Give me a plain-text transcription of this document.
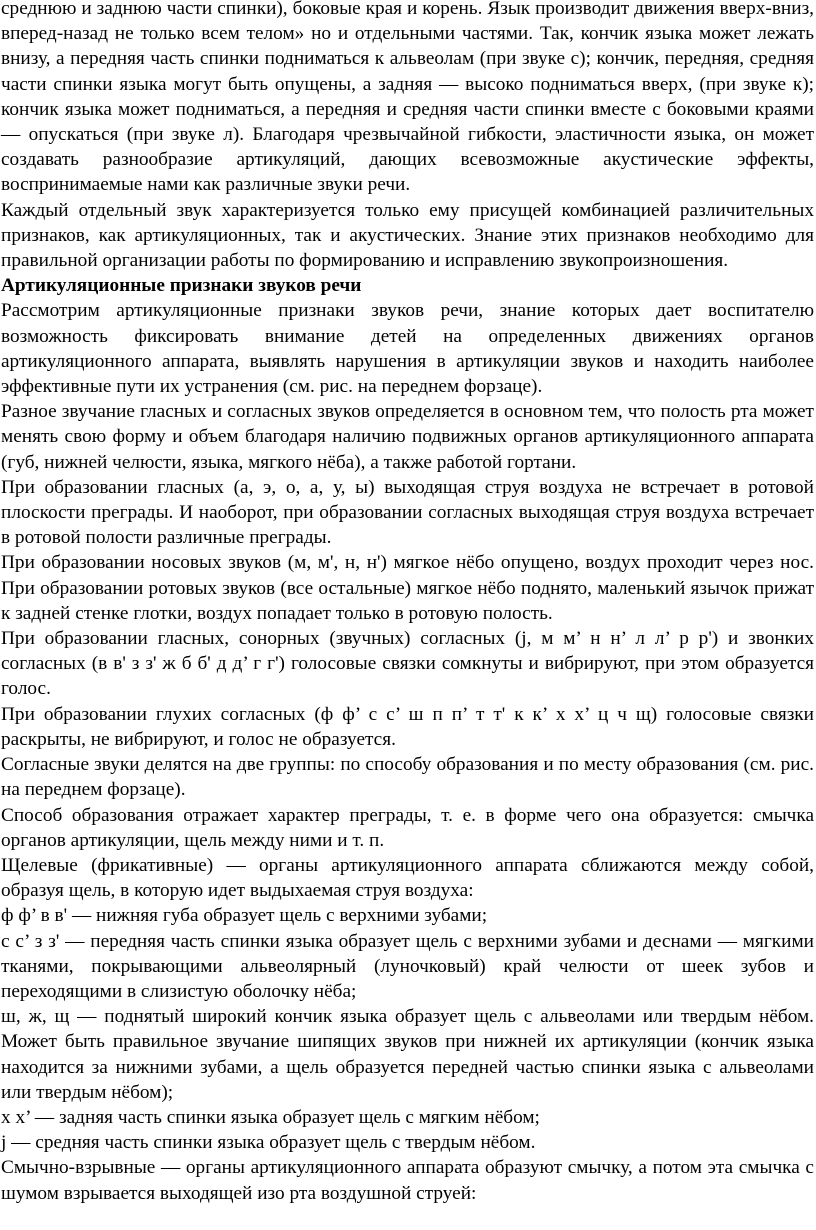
среднюю и заднюю части спинки), боковые края и корень. Язык производит движения вверх-вниз, вперед-назад не только всем телом» но и отдельными частями. Так, кончик языка может лежать внизу, а передняя часть спинки подниматься к альвеолам (при звуке с); кончик, передняя, средняя части спинки языка могут быть опущены, а задняя — высоко подниматься вверх, (при звуке к); кончик языка может подниматься, а передняя и средняя части спинки вместе с боковыми краями — опускаться (при звуке л). Благодаря чрезвычайной гибкости, эластичности языка, он может создавать разнообразие артикуляций, дающих всевозможные акустические эффекты, воспринимаемые нами как различные звуки речи.

Каждый отдельный звук характеризуется только ему присущей комбинацией различительных признаков, как артикуляционных, так и акустических. Знание этих признаков необходимо для правильной организации работы по формированию и исправлению звукопроизношения.

Артикуляционные признаки звуков речи

Рассмотрим артикуляционные признаки звуков речи, знание которых дает воспитателю возможность фиксировать внимание детей на определенных движениях органов артикуляционного аппарата, выявлять нарушения в артикуляции звуков и находить наиболее эффективные пути их устранения (см. рис. на переднем форзаце).

Разное звучание гласных и согласных звуков определяется в основном тем, что полость рта может менять свою форму и объем благодаря наличию подвижных органов артикуляционного аппарата (губ, нижней челюсти, языка, мягкого нёба), а также работой гортани.

При образовании гласных (а, э, о, а, у, ы) выходящая струя воздуха не встречает в ротовой плоскости преграды. И наоборот, при образовании согласных выходящая струя воздуха встречает в ротовой полости различные преграды.

При образовании носовых звуков (м, м', н, н') мягкое нёбо опущено, воздух проходит через нос. При образовании ротовых звуков (все остальные) мягкое нёбо поднято, маленький язычок прижат к задней стенке глотки, воздух попадает только в ротовую полость.

При образовании гласных, сонорных (звучных) согласных (j, м м’ н н’ л л’ р р') и звонких согласных (в в' з з' ж б б' д д’ г г') голосовые связки сомкнуты и вибрируют, при этом образуется голос.

При образовании глухих согласных (ф ф’ с с’ ш п п’ т т' к к’ х х’ ц ч щ) голосовые связки раскрыты, не вибрируют, и голос не образуется.

Согласные звуки делятся на две группы: по способу образования и по месту образования (см. рис. на переднем форзаце).

Способ образования отражает характер преграды, т. е. в форме чего она образуется: смычка органов артикуляции, щель между ними и т. п.

Щелевые (фрикативные) — органы артикуляционного аппарата сближаются между собой, образуя щель, в которую идет выдыхаемая струя воздуха:

ф ф’ в в' — нижняя губа образует щель с верхними зубами;

с с’ з з' — передняя часть спинки языка образует щель с верхними зубами и деснами — мягкими тканями, покрывающими альвеолярный (луночковый) край челюсти от шеек зубов и переходящими в слизистую оболочку нёба;

ш, ж, щ — поднятый широкий кончик языка образует щель с альвеолами или твердым нёбом. Может быть правильное звучание шипящих звуков при нижней их артикуляции (кончик языка находится за нижними зубами, а щель образуется передней частью спинки языка с альвеолами или твердым нёбом);

х х’ — задняя часть спинки языка образует щель с мягким нёбом;

j — средняя часть спинки языка образует щель с твердым нёбом.

Смычно-взрывные — органы артикуляционного аппарата образуют смычку, а потом эта смычка с шумом взрывается выходящей изо рта воздушной струей:
